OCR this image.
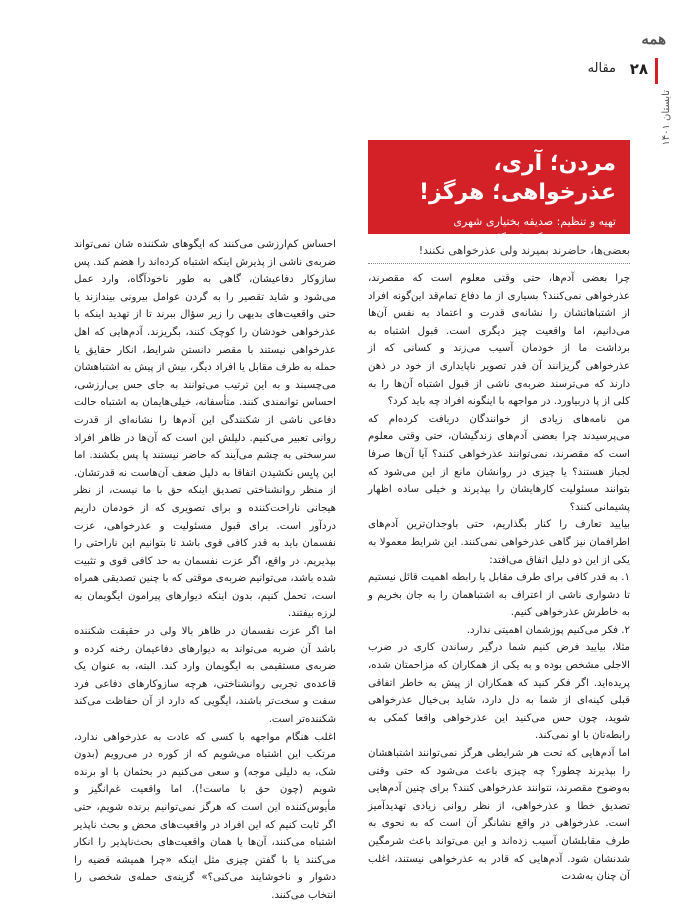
همه
۲۸
مقاله
تابستان ۱۴۰۱
مردن؛ آری، عذرخواهی؛ هرگز!
تهیه و تنظیم: صدیقه بختیاری شهری
مدرس و پژوهشگر دانشگاه

بعضی‌ها، حاضرند بمیرند ولی عذرخواهی نکنند!

چرا بعضی آدم‌ها، حتی وقتی معلوم است که مقصرند، عذرخواهی نمی‌کنند؟ بسیاری از ما دفاع تمام‌قد این‌گونه افراد از اشتباهاتشان را نشانه‌ی قدرت و اعتماد به نفس آن‌ها می‌دانیم، اما واقعیت چیز دیگری است. قبول اشتباه به برداشت ما از خودمان آسیب می‌زند و کسانی که از عذرخواهی گریزانند آن قدر تصویر ناپایداری از خود در ذهن دارند که می‌ترسند ضربه‌ی ناشی از قبول اشتباه آن‌ها را به کلی از پا دربیاورد. در مواجهه با اینگونه افراد چه باید کرد؟

من نامه‌های زیادی از خوانندگان دریافت کرده‌ام که می‌پرسیدند چرا بعضی آدم‌های زندگیشان، حتی وقتی معلوم است که مقصرند، نمی‌توانند عذرخواهی کنند؟ آیا آن‌ها صرفا لجباز هستند؟ یا چیزی در روانشان مانع از این می‌شود که بتوانند مسئولیت کارهایشان را بپذیرند و خیلی ساده اظهار پشیمانی کنند؟

بیایید تعارف را کنار بگذاریم، حتی باوجدان‌ترین آدم‌های اطرافمان نیز گاهی عذرخواهی نمی‌کنند. این شرایط معمولا به یکی از این دو دلیل اتفاق می‌افتد:

۱. به قدر کافی برای طرف مقابل یا رابطه اهمیت قائل نیستیم تا دشواری ناشی از اعتراف به اشتباهمان را به جان بخریم و به خاطرش عذرخواهی کنیم.

۲. فکر می‌کنیم پوزشمان اهمیتی ندارد.

مثلا، بیایید فرض کنیم شما درگیر رساندن کاری در ضرب الاجلی مشخص بوده و به یکی از همکاران که مزاحمتان شده، پریده‌اید. اگر فکر کنید که همکاران از پیش به خاطر اتفاقی قبلی کینه‌ای از شما به دل دارد، شاید بی‌خیال عذرخواهی شوید، چون حس می‌کنید این عذرخواهی واقعا کمکی به رابطه‌تان با او نمی‌کند.

اما آدم‌هایی که تحت هر شرایطی هرگز نمی‌توانند اشتباهشان را بپذیرند چطور؟ چه چیزی باعث می‌شود که حتی وقتی به‌وضوح مقصرند، نتوانند عذرخواهی کنند؟ برای چنین آدم‌هایی تصدیق خطا و عذرخواهی، از نظر روانی زیادی تهدیدآمیز است. عذرخواهی در واقع نشانگر آن است که به نحوی به طرف مقابلشان آسیب زده‌اند و این می‌تواند باعث شرمگین شدنشان شود. آدم‌هایی که قادر به عذرخواهی نیستند، اغلب آن چنان به‌شدت

احساس کم‌ارزشی می‌کنند که ایگوهای شکننده شان نمی‌تواند ضربه‌ی ناشی از پذیرش اینکه اشتباه کرده‌اند را هضم کند. پس سازوکار دفاعیشان، گاهی به طور ناخودآگاه، وارد عمل می‌شود و شاید تقصیر را به گردن عوامل بیرونی بیندازند یا حتی واقعیت‌های بدیهی را زیر سؤال ببرند تا از تهدید اینکه با عذرخواهی خودشان را کوچک کنند، بگریزند. آدم‌هایی که اهل عذرخواهی نیستند با مقصر دانستن شرایط، انکار حقایق یا حمله به طرف مقابل یا افراد دیگر، بیش از پیش به اشتباهشان می‌چسبند و به این ترتیب می‌توانند به جای حس بی‌ارزشی، احساس توانمندی کنند. متأسفانه، خیلی‌هایمان به اشتباه حالت دفاعی ناشی از شکنندگی این آدم‌ها را نشانه‌ای از قدرت روانی تعبیر می‌کنیم. دلیلش این است که آن‌ها در ظاهر افراد سرسختی به چشم می‌آیند که حاضر نیستند پا پس بکشند. اما این پایِس نکشیدن اتفاقا به دلیل ضعف آن‌هاست نه قدرتشان. از منظر روانشناختی تصدیق اینکه حق با ما نیست، از نظر هیجانی ناراحت‌کننده و برای تصویری که از خودمان داریم دردآور است. برای قبول مسئولیت و عذرخواهی، عزت نفسمان باید به قدر کافی قوی باشد تا بتوانیم این ناراحتی را بپذیریم. در واقع، اگر عزت نفسمان به حد کافی قوی و تثبیت شده باشد، می‌توانیم ضربه‌ی موقتی که با چنین تصدیقی همراه است، تحمل کنیم، بدون اینکه دیوارهای پیرامون ایگویمان به لرزه بیفتند.

اما اگر عزت نفسمان در ظاهر بالا ولی در حقیقت شکننده باشد آن ضربه می‌تواند به دیوارهای دفاعیمان رخنه کرده و ضربه‌ی مستقیمی به ایگویمان وارد کند. البته، به عنوان یک قاعده‌ی تجربی روانشناختی، هرچه سازوکارهای دفاعی فرد سفت و سخت‌تر باشند، ایگویی که دارد از آن حفاظت می‌کند شکننده‌تر است.

اغلب هنگام مواجهه با کسی که عادت به عذرخواهی ندارد، مرتکب این اشتباه می‌شویم که از کوره در می‌رویم (بدون شک، به دلیلی موجه) و سعی می‌کنیم در بحثمان با او برنده شویم (چون حق با ماست!). اما واقعیت غم‌انگیز و مأیوس‌کننده این است که هرگز نمی‌توانیم برنده شویم، حتی اگر ثابت کنیم که این افراد در واقعیت‌های محض و بحث ناپذیر اشتباه می‌کنند، آن‌ها یا همان واقعیت‌های بحث‌ناپذیر را انکار می‌کنند یا با گفتن چیزی مثل اینکه «چرا همیشه قضیه را دشوار و ناخوشایند می‌کنی؟» گزینه‌ی حمله‌ی شخصی را انتخاب می‌کنند.
